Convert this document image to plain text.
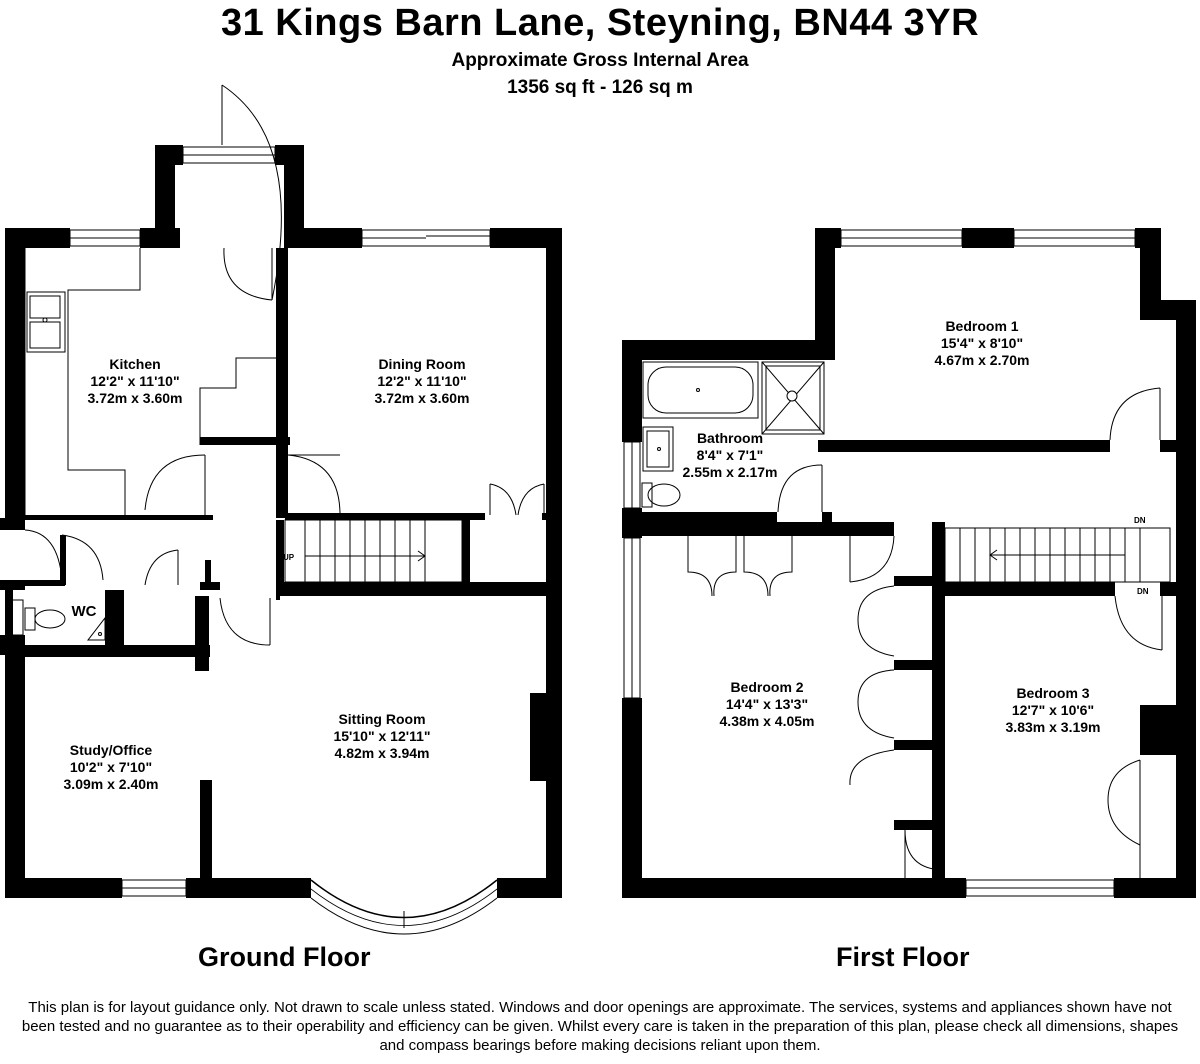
31 Kings Barn Lane, Steyning, BN44 3YR
Approximate Gross Internal Area
1356 sq ft - 126 sq m
Kitchen
12'2" x 11'10"
3.72m x 3.60m
Dining Room
12'2" x 11'10"
3.72m x 3.60m
WC
Sitting Room
15'10" x 12'11"
4.82m x 3.94m
Study/Office
10'2" x 7'10"
3.09m x 2.40m
UP
Bedroom 1
15'4" x 8'10"
4.67m x 2.70m
Bathroom
8'4" x 7'1"
2.55m x 2.17m
Bedroom 2
14'4" x 13'3"
4.38m x 4.05m
Bedroom 3
12'7" x 10'6"
3.83m x 3.19m
DN
DN
Ground Floor	First Floor
This plan is for layout guidance only. Not drawn to scale unless stated. Windows and door openings are approximate. The services, systems and appliances shown have not been tested and no guarantee as to their operability and efficiency can be given. Whilst every care is taken in the preparation of this plan, please check all dimensions, shapes and compass bearings before making decisions reliant upon them.
